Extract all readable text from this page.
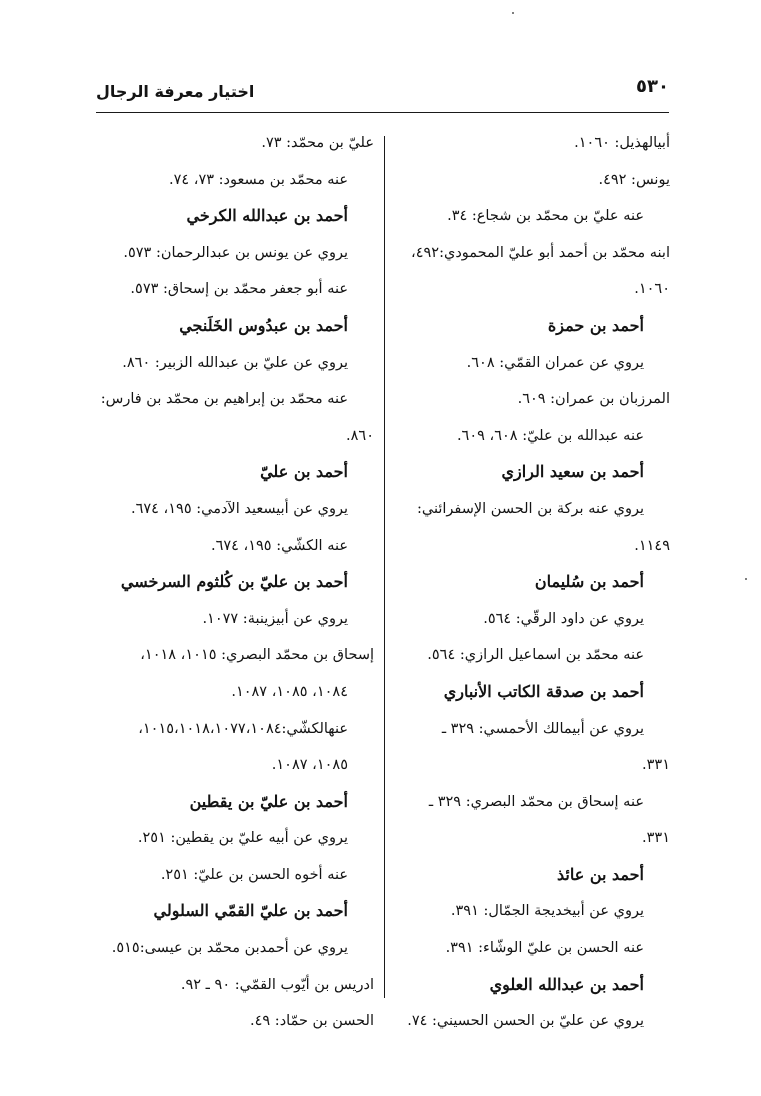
اختيار معرفة الرجال	٥٣٠
أبيالهذيل: ١٠٦٠.
يونس: ٤٩٢.
عنه عليّ بن محمّد بن شجاع: ٣٤.
ابنه محمّد بن أحمد أبو عليّ المحمودي:٤٩٢،
١٠٦٠.
أحمد بن حمزة
يروي عن عمران القمّي: ٦٠٨.
المرزبان بن عمران: ٦٠٩.
عنه عبدالله بن عليّ: ٦٠٨، ٦٠٩.
أحمد بن سعيد الرازي
يروي عنه بركة بن الحسن الإسفرائني:
١١٤٩.
أحمد بن سُليمان
يروي عن داود الرقّي: ٥٦٤.
عنه محمّد بن اسماعيل الرازي: ٥٦٤.
أحمد بن صدقة الكاتب الأنباري
يروي عن أبيمالك الأحمسي: ٣٢٩ ـ
٣٣١.
عنه إسحاق بن محمّد البصري: ٣٢٩ ـ
٣٣١.
أحمد بن عائذ
يروي عن أبيخديجة الجمّال: ٣٩١.
عنه الحسن بن عليّ الوشّاء: ٣٩١.
أحمد بن عبدالله العلوي
يروي عن عليّ بن الحسن الحسيني: ٧٤.
عليّ بن محمّد: ٧٣.
عنه محمّد بن مسعود: ٧٣، ٧٤.
أحمد بن عبدالله الكرخي
يروي عن يونس بن عبدالرحمان: ٥٧٣.
عنه أبو جعفر محمّد بن إسحاق: ٥٧٣.
أحمد بن عبدُوس الخَلَنجي
يروي عن عليّ بن عبدالله الزبير: ٨٦٠.
عنه محمّد بن إبراهيم بن محمّد بن فارس:
٨٦٠.
أحمد بن عليّ
يروي عن أبيسعيد الآدمي: ١٩٥، ٦٧٤.
عنه الكشّي: ١٩٥، ٦٧٤.
أحمد بن عليّ بن كُلثوم السرخسي
يروي عن أبيزينبة: ١٠٧٧.
إسحاق بن محمّد البصري: ١٠١٥، ١٠١٨،
١٠٨٤، ١٠٨٥، ١٠٨٧.
عنهالكشّي:١٠١٥،١٠١٨،١٠٧٧،١٠٨٤،
١٠٨٥، ١٠٨٧.
أحمد بن عليّ بن يقطين
يروي عن أبيه عليّ بن يقطين: ٢٥١.
عنه أخوه الحسن بن عليّ: ٢٥١.
أحمد بن عليّ القمّي السلولي
يروي عن أحمدبن محمّد بن عيسى:٥١٥.
ادريس بن أيّوب القمّي: ٩٠ ـ ٩٢.
الحسن بن حمّاد: ٤٩.
